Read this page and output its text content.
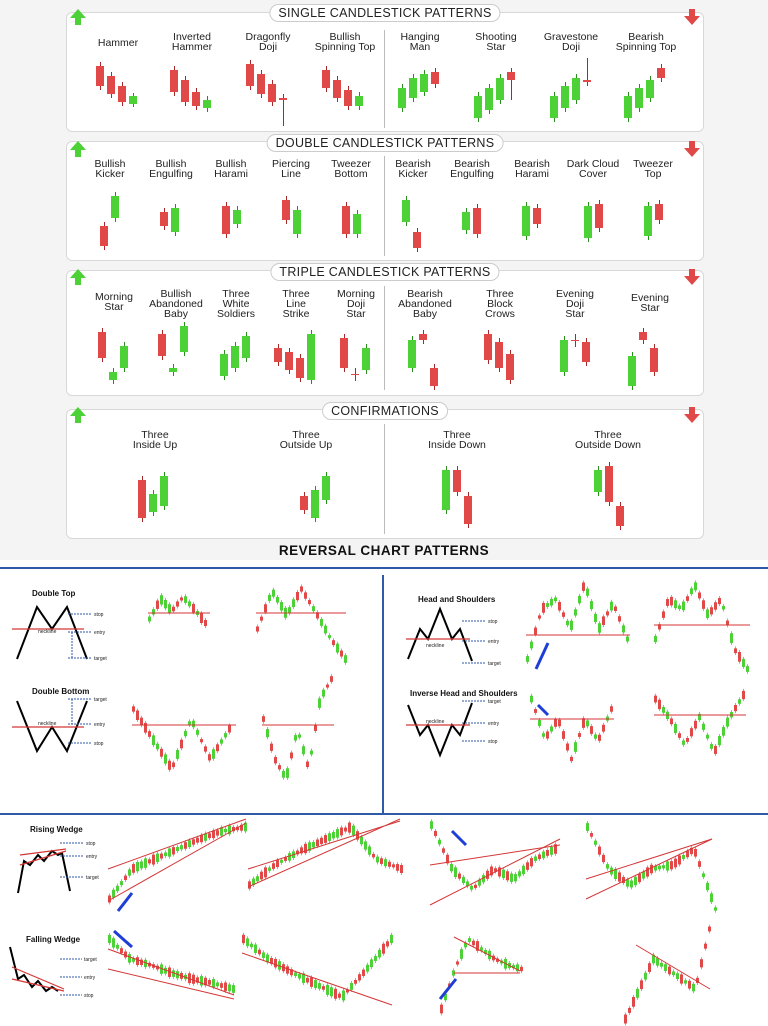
SINGLE CANDLESTICK PATTERNS
DOUBLE CANDLESTICK PATTERNS
TRIPLE CANDLESTICK PATTERNS
CONFIRMATIONS
Hammer	Inverted
Hammer
Dragonfly
Doji
Bullish
Spinning Top
Hanging
Man
Shooting
Star
Gravestone
Doji
Bearish
Spinning Top
Bullish
Kicker
Bullish
Engulfing
Bullish
Harami
Piercing
Line
Tweezer
Bottom
Bearish
Kicker
Bearish
Engulfing
Bearish
Harami
Dark Cloud
Cover
Tweezer
Top
Morning
Star
Bullish
Abandoned
Baby
Three
White
Soldiers
Three
Line
Strike
Morning
Doji
Star
Bearish
Abandoned
Baby
Three
Block
Crows
Evening
Doji
Star
Evening
Star
Three
Inside Up
Three
Outside Up
Three
Inside Down
Three
Outside Down
REVERSAL CHART PATTERNS
Double Top
Double Bottom
Head and Shoulders
Inverse Head and Shoulders
Rising Wedge
Falling Wedge
stop
entry
target
neckline
target
entry
stop
neckline
stop
entry
target
neckline
target
entry
stop
neckline
stop
entry
target
target
entry
stop
